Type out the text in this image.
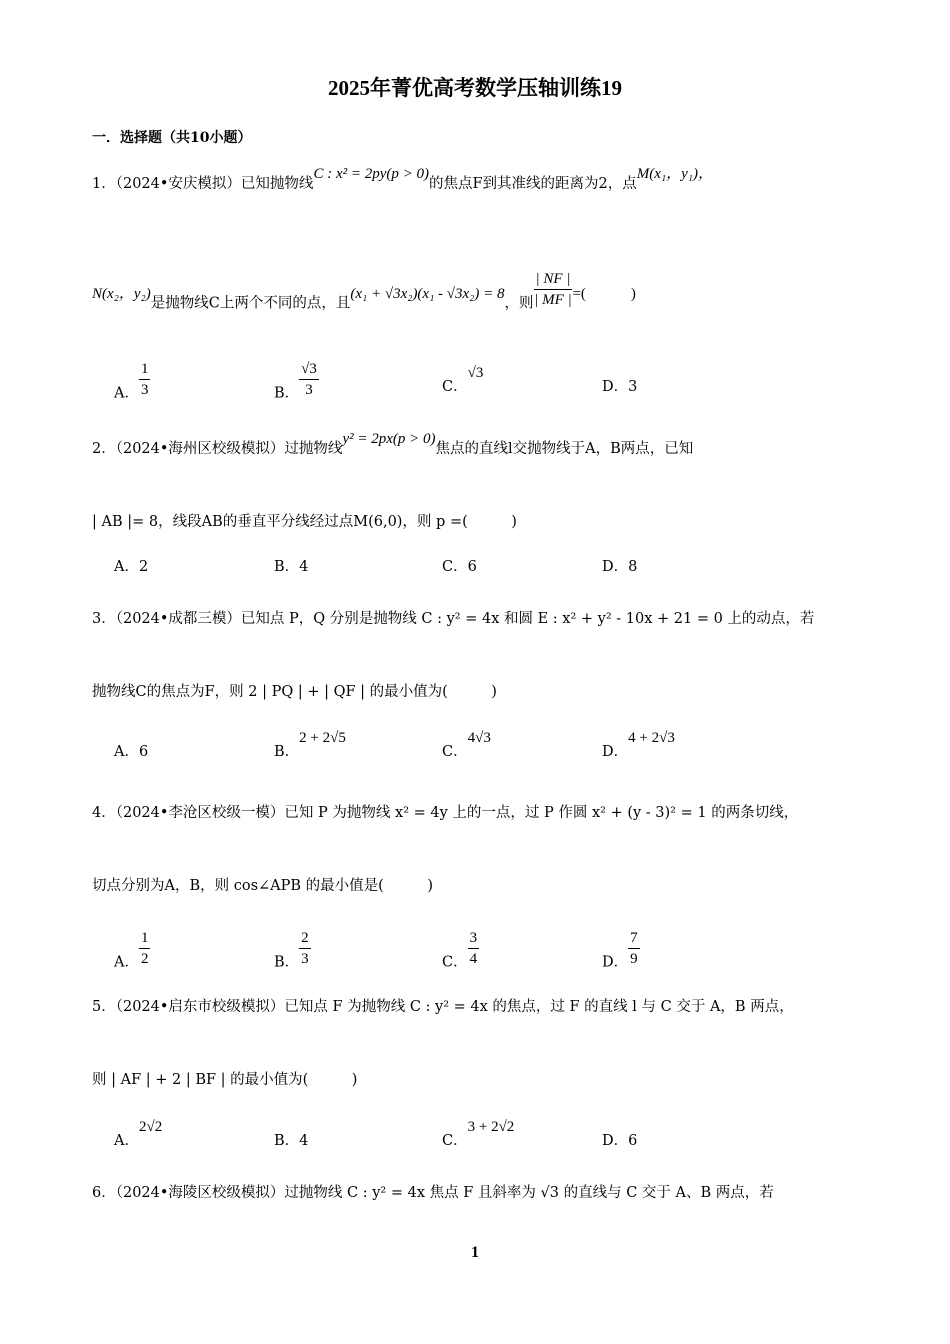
2025年菁优高考数学压轴训练19
一．选择题（共10小题）
1．（2024•安庆模拟）已知抛物线C : x² = 2py(p > 0)的焦点F到其准线的距离为2，点M(x₁，y₁)，
N(x₂，y₂)是抛物线C上两个不同的点，且(x₁ + √3x₂)(x₁ - √3x₂) = 8，则 $\frac{| NF |}{| MF |}$ =(　　　)
A． $\frac{1}{3}$	B． $\frac{√3}{3}$	C．√3
D．3
2．（2024•海州区校级模拟）过抛物线y² = 2px(p > 0)焦点的直线l交抛物线于A，B两点，已知
| AB |= 8，线段AB的垂直平分线经过点M(6,0)，则 p =(　　　)
A．2	B．4	C．6	D．8
3．（2024•成都三模）已知点 P，Q 分别是抛物线 C : y² = 4x 和圆 E : x² + y² - 10x + 21 = 0 上的动点，若
抛物线C的焦点为F，则 2 | PQ | + | QF | 的最小值为(　　　)
A．6	B．2 + 2√5
C．4√3
D．4 + 2√3
4．（2024•李沧区校级一模）已知 P 为抛物线 x² = 4y 上的一点，过 P 作圆 x² + (y - 3)² = 1 的两条切线，
切点分别为A，B，则 cos∠APB 的最小值是(　　　)
A． $\frac{1}{2}$	B． $\frac{2}{3}$	C． $\frac{3}{4}$	D． $\frac{7}{9}$
5．（2024•启东市校级模拟）已知点 F 为抛物线 C : y² = 4x 的焦点，过 F 的直线 l 与 C 交于 A，B 两点，
则 | AF | + 2 | BF | 的最小值为(　　　)
A．2√2
B．4	C．3 + 2√2
D．6
6．（2024•海陵区校级模拟）过抛物线 C : y² = 4x 焦点 F 且斜率为 √3 的直线与 C 交于 A、B 两点，若
1
